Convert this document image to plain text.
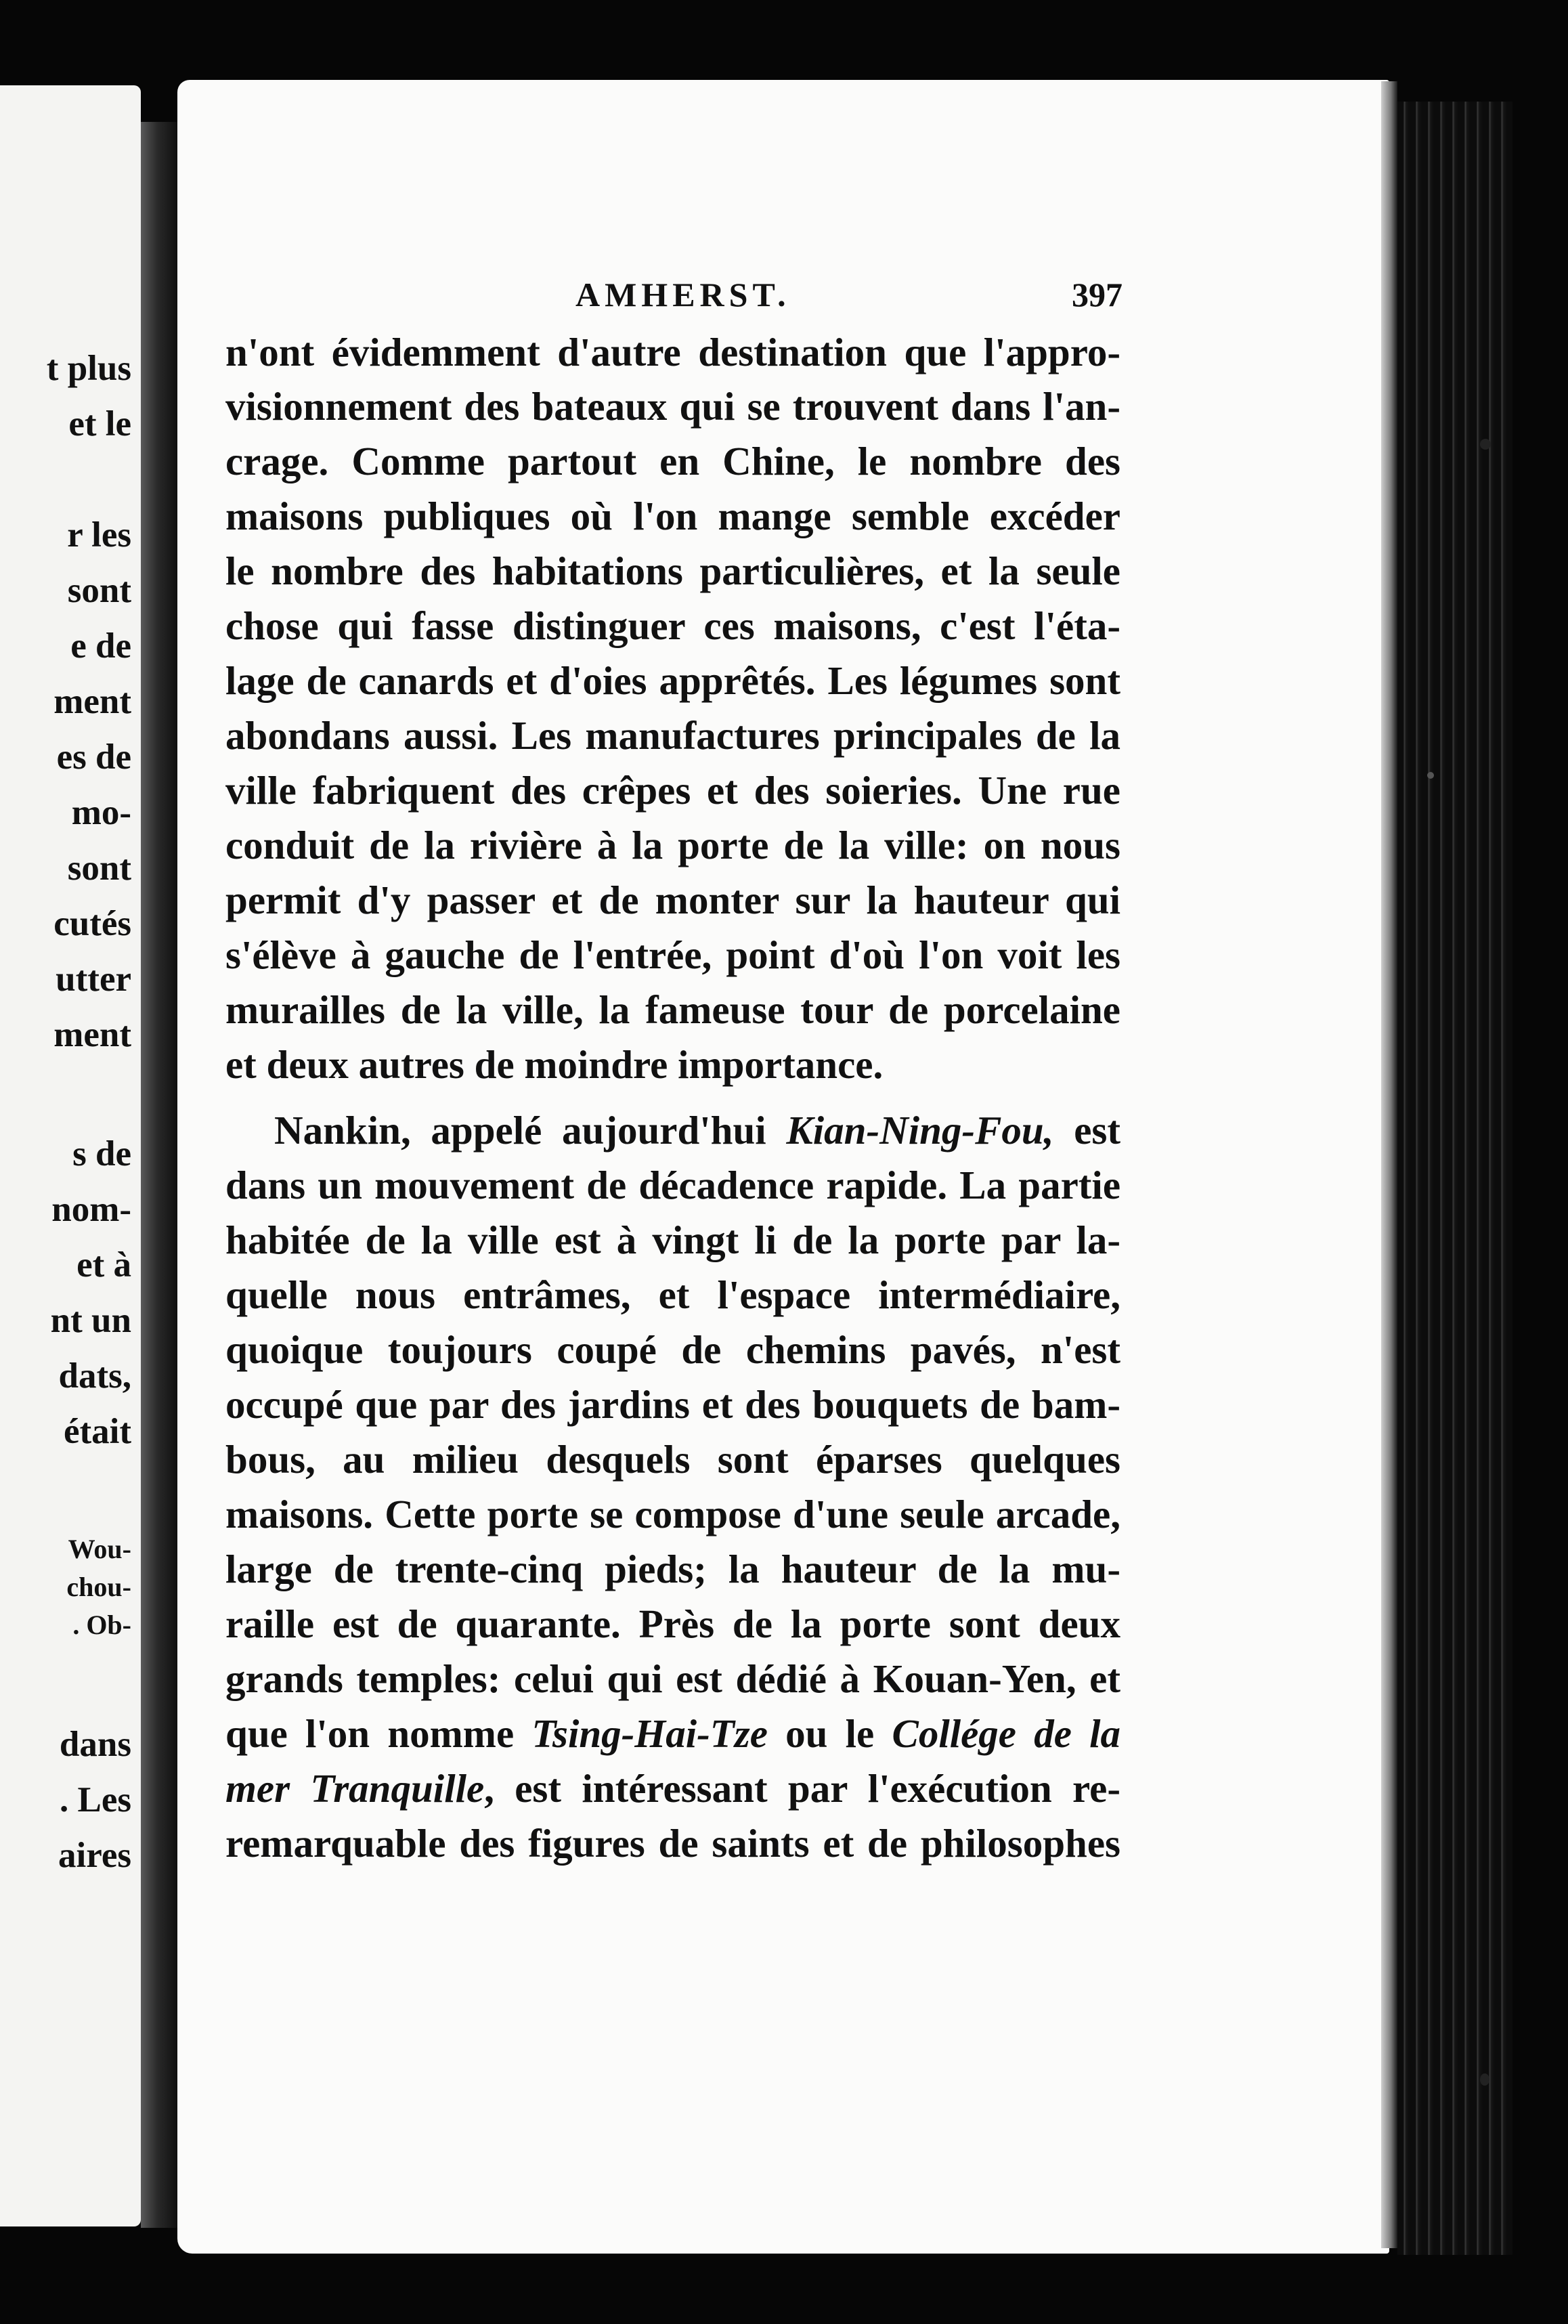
t plus

et le

r les

sont

e de

ment

es de

mo-

sont

cutés

utter

ment

s de

nom-

et à

nt un

dats,

était

Wou-

chou-

. Ob-

dans

. Les

aires

AMHERST.	397

n'ont évidemment d'autre destination que l'appro-

visionnement des bateaux qui se trouvent dans l'an-

crage. Comme partout en Chine, le nombre des

maisons publiques où l'on mange semble excéder

le nombre des habitations particulières, et la seule

chose qui fasse distinguer ces maisons, c'est l'éta-

lage de canards et d'oies apprêtés. Les légumes sont

abondans aussi. Les manufactures principales de la

ville fabriquent des crêpes et des soieries. Une rue

conduit de la rivière à la porte de la ville: on nous

permit d'y passer et de monter sur la hauteur qui

s'élève à gauche de l'entrée, point d'où l'on voit les

murailles de la ville, la fameuse tour de porcelaine

et deux autres de moindre importance.

Nankin, appelé aujourd'hui Kian-Ning-Fou, est

dans un mouvement de décadence rapide. La partie

habitée de la ville est à vingt li de la porte par la-

quelle nous entrâmes, et l'espace intermédiaire,

quoique toujours coupé de chemins pavés, n'est

occupé que par des jardins et des bouquets de bam-

bous, au milieu desquels sont éparses quelques

maisons. Cette porte se compose d'une seule arcade,

large de trente-cinq pieds; la hauteur de la mu-

raille est de quarante. Près de la porte sont deux

grands temples: celui qui est dédié à Kouan-Yen, et

que l'on nomme Tsing-Hai-Tze ou le Collége de la

mer Tranquille, est intéressant par l'exécution re-

remarquable des figures de saints et de philosophes
